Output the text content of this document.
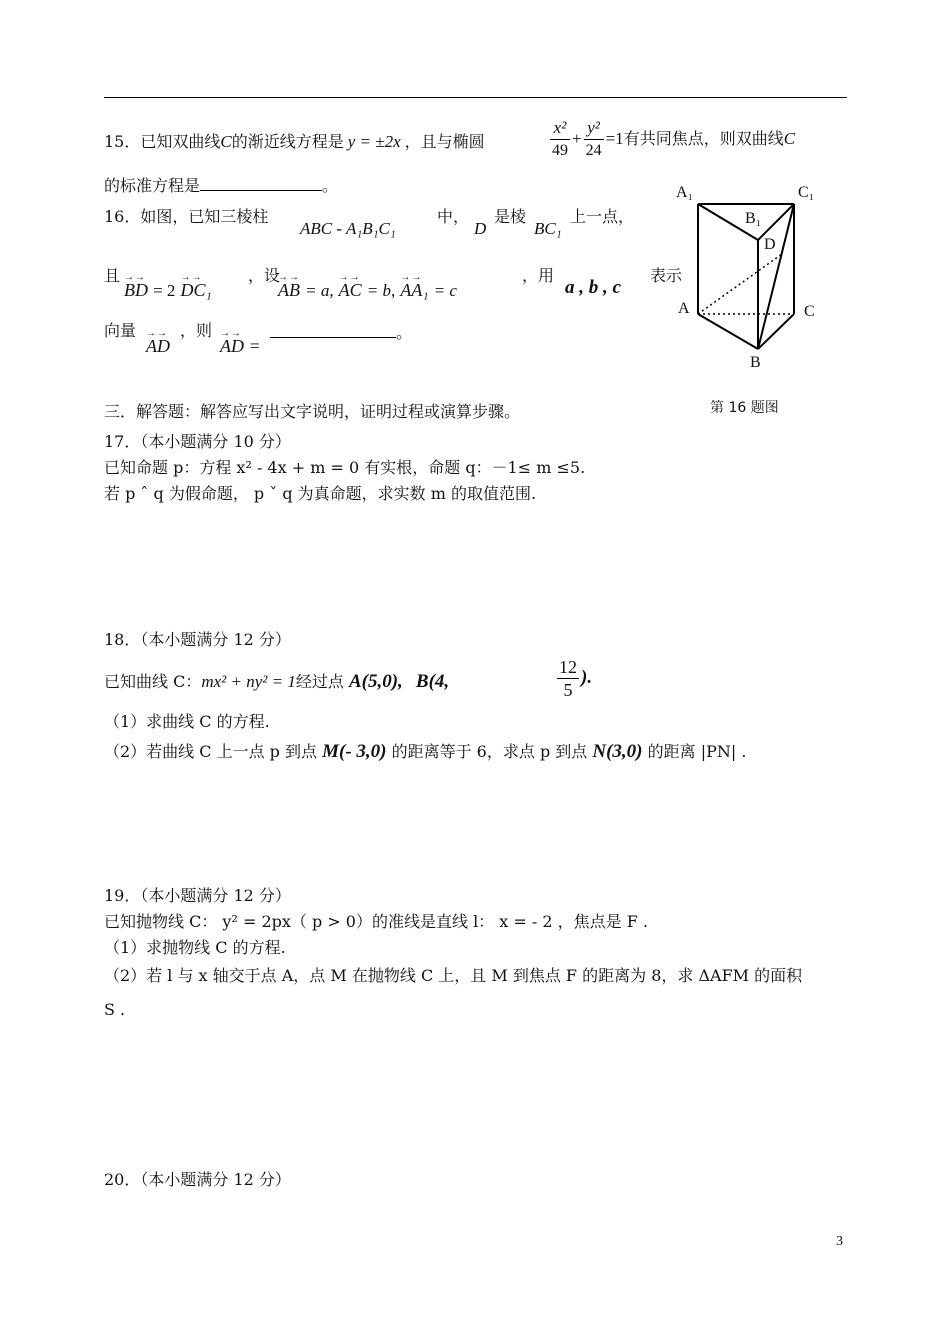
15．已知双曲线C的渐近线方程是 y = ±2x ，且与椭圆	$\frac{\text{x²}}{49} + \frac{\text{y²}}{24} =1$有共同焦点，则双曲线C
的标准方程是	。
16．如图，已知三棱柱
ABC - A₁B₁C₁
中，
D
是棱
BC₁
上一点，
且 →→
BD = 2
→→
DC₁
，设
→→
AB = a,
→→
AC = b,
→→
AA₁ = c
，用
a , b , c
表示
向量 →→
AD
，则 →→
AD =
。
A₁	C₁
B₁
D
A	C
B
第 16 题图
三．解答题：解答应写出文字说明，证明过程或演算步骤。
17．（本小题满分 10 分）
已知命题 p：方程 x² - 4x + m = 0 有实根，命题 q：－1≤ m ≤5.
若 p ˆ q 为假命题， p ˇ q 为真命题，求实数 m 的取值范围.
18．（本小题满分 12 分）
已知曲线 C：mx² + ny² = 1经过点 A(5,0), B(4,	$\frac{12}{5}$ ).
（1）求曲线 C 的方程.
（2）若曲线 C 上一点 p 到点 M(- 3,0) 的距离等于 6，求点 p 到点 N(3,0) 的距离 |PN| .
19．（本小题满分 12 分）
已知抛物线 C： y² = 2px（ p > 0）的准线是直线 l： x = - 2 ，焦点是 F .
（1）求抛物线 C 的方程.
（2）若 l 与 x 轴交于点 A，点 M 在抛物线 C 上，且 M 到焦点 F 的距离为 8，求 ΔAFM 的面积
S .
20．（本小题满分 12 分）
3
